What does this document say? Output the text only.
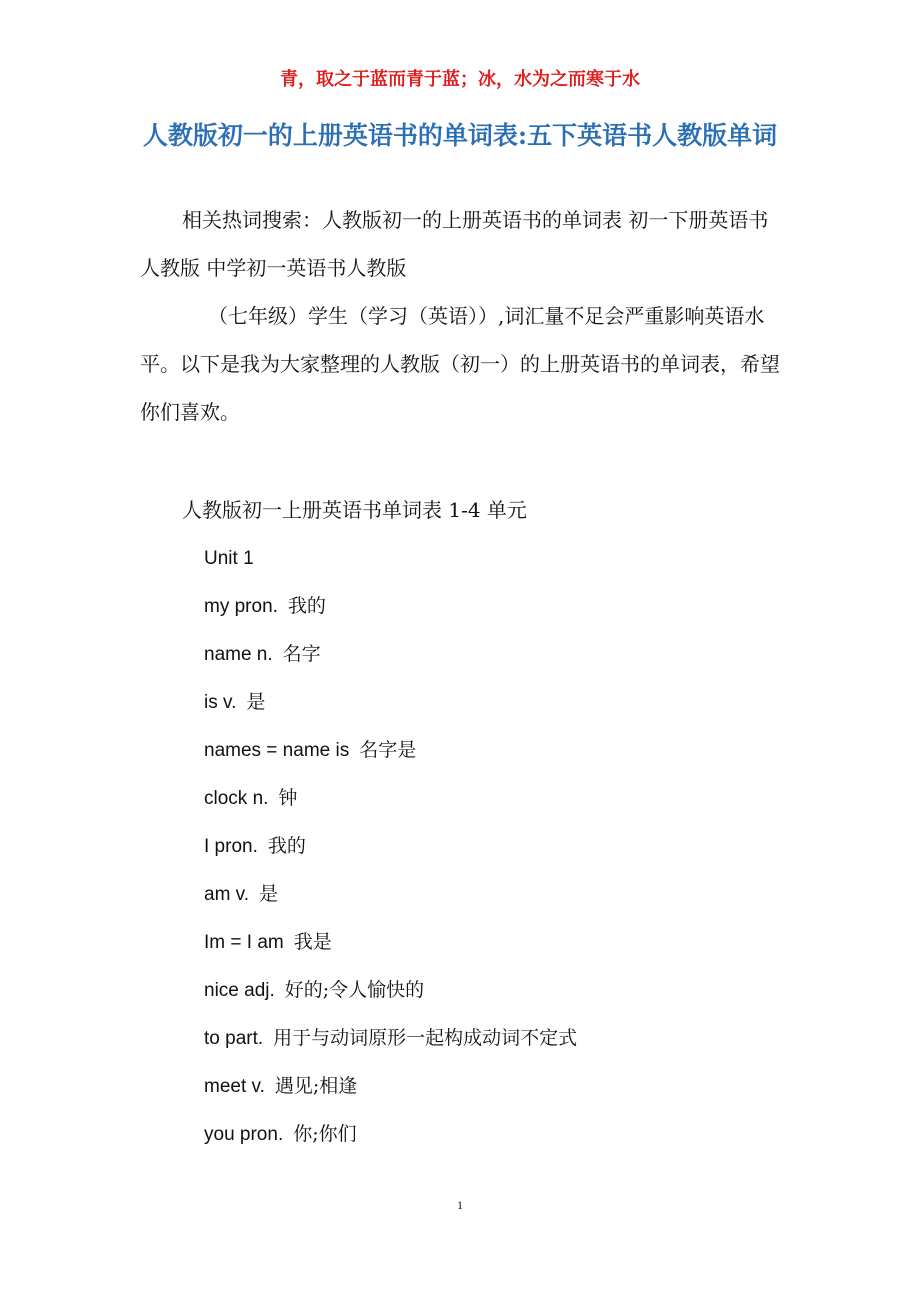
青，取之于蓝而青于蓝；冰，水为之而寒于水
人教版初一的上册英语书的单词表:五下英语书人教版单词

相关热词搜索：人教版初一的上册英语书的单词表 初一下册英语书人教版 中学初一英语书人教版

（七年级）学生（学习（英语））,词汇量不足会严重影响英语水平。以下是我为大家整理的人教版（初一）的上册英语书的单词表，希望你们喜欢。

人教版初一上册英语书单词表 1-4 单元
Unit 1
my pron. 我的
name n. 名字
is v. 是
names = name is 名字是
clock n. 钟
I pron. 我的
am v. 是
Im = I am 我是
nice adj. 好的;令人愉快的
to part. 用于与动词原形一起构成动词不定式
meet v. 遇见;相逢
you pron. 你;你们
1
